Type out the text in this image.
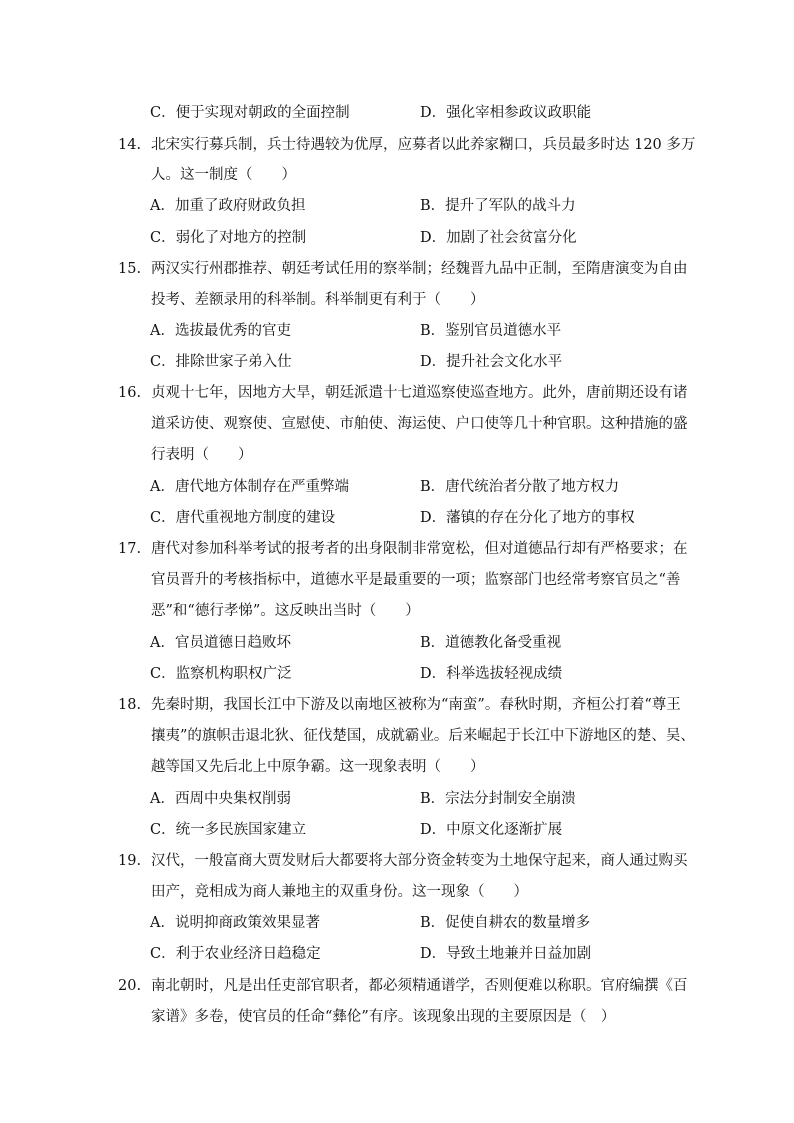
C．便于实现对朝政的全面控制	D．强化宰相参政议政职能
14. 北宋实行募兵制，兵士待遇较为优厚，应募者以此养家糊口，兵员最多时达 120 多万
人。这一制度（　　）
A．加重了政府财政负担	B．提升了军队的战斗力
C．弱化了对地方的控制	D．加剧了社会贫富分化
15. 两汉实行州郡推荐、朝廷考试任用的察举制；经魏晋九品中正制，至隋唐演变为自由
投考、差额录用的科举制。科举制更有利于（　　）
A．选拔最优秀的官吏	B．鉴别官员道德水平
C．排除世家子弟入仕	D．提升社会文化水平
16. 贞观十七年，因地方大旱，朝廷派遣十七道巡察使巡查地方。此外，唐前期还设有诸
道采访使、观察使、宣慰使、市舶使、海运使、户口使等几十种官职。这种措施的盛
行表明（　　）
A．唐代地方体制存在严重弊端	B．唐代统治者分散了地方权力
C．唐代重视地方制度的建设	D．藩镇的存在分化了地方的事权
17. 唐代对参加科举考试的报考者的出身限制非常宽松，但对道德品行却有严格要求；在
官员晋升的考核指标中，道德水平是最重要的一项；监察部门也经常考察官员之“善
恶”和“德行孝悌”。这反映出当时（　　）
A．官员道德日趋败坏	B．道德教化备受重视
C．监察机构职权广泛	D．科举选拔轻视成绩
18. 先秦时期，我国长江中下游及以南地区被称为“南蛮”。春秋时期，齐桓公打着“尊王
攘夷”的旗帜击退北狄、征伐楚国，成就霸业。后来崛起于长江中下游地区的楚、吴、
越等国又先后北上中原争霸。这一现象表明（　　）
A．西周中央集权削弱	B．宗法分封制安全崩溃
C．统一多民族国家建立	D．中原文化逐渐扩展
19. 汉代，一般富商大贾发财后大都要将大部分资金转变为土地保守起来，商人通过购买
田产，竞相成为商人兼地主的双重身份。这一现象（　　）
A．说明抑商政策效果显著	B．促使自耕农的数量增多
C．利于农业经济日趋稳定	D．导致土地兼并日益加剧
20. 南北朝时，凡是出任吏部官职者，都必须精通谱学，否则便难以称职。官府编撰《百
家谱》多卷，使官员的任命“彝伦”有序。该现象出现的主要原因是（　）
